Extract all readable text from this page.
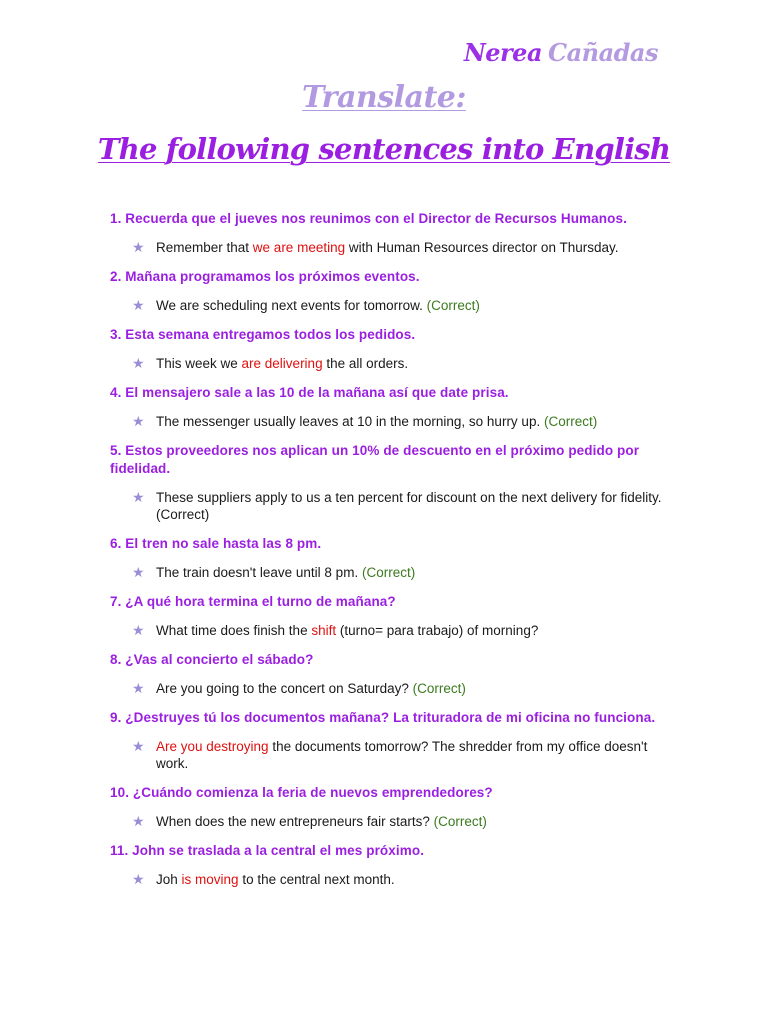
Nerea Cañadas
Translate:
The following sentences into English
1. Recuerda que el jueves nos reunimos con el Director de Recursos Humanos.
★ Remember that we are meeting with Human Resources director on Thursday.
2. Mañana programamos los próximos eventos.
★ We are scheduling next events for tomorrow. (Correct)
3. Esta semana entregamos todos los pedidos.
★ This week we are delivering the all orders.
4. El mensajero sale a las 10 de la mañana así que date prisa.
★ The messenger usually leaves at 10 in the morning, so hurry up. (Correct)
5. Estos proveedores nos aplican un 10% de descuento en el próximo pedido por fidelidad.
★ These suppliers apply to us a ten percent for discount on the next delivery for fidelity. (Correct)
6. El tren no sale hasta las 8 pm.
★ The train doesn't leave until 8 pm. (Correct)
7. ¿A qué hora termina el turno de mañana?
★ What time does finish the shift (turno= para trabajo) of morning?
8. ¿Vas al concierto el sábado?
★ Are you going to the concert on Saturday? (Correct)
9. ¿Destruyes tú los documentos mañana? La trituradora de mi oficina no funciona.
★ Are you destroying the documents tomorrow? The shredder from my office doesn't work.
10. ¿Cuándo comienza la feria de nuevos emprendedores?
★ When does the new entrepreneurs fair starts? (Correct)
11. John se traslada a la central el mes próximo.
★ Joh is moving to the central next month.
